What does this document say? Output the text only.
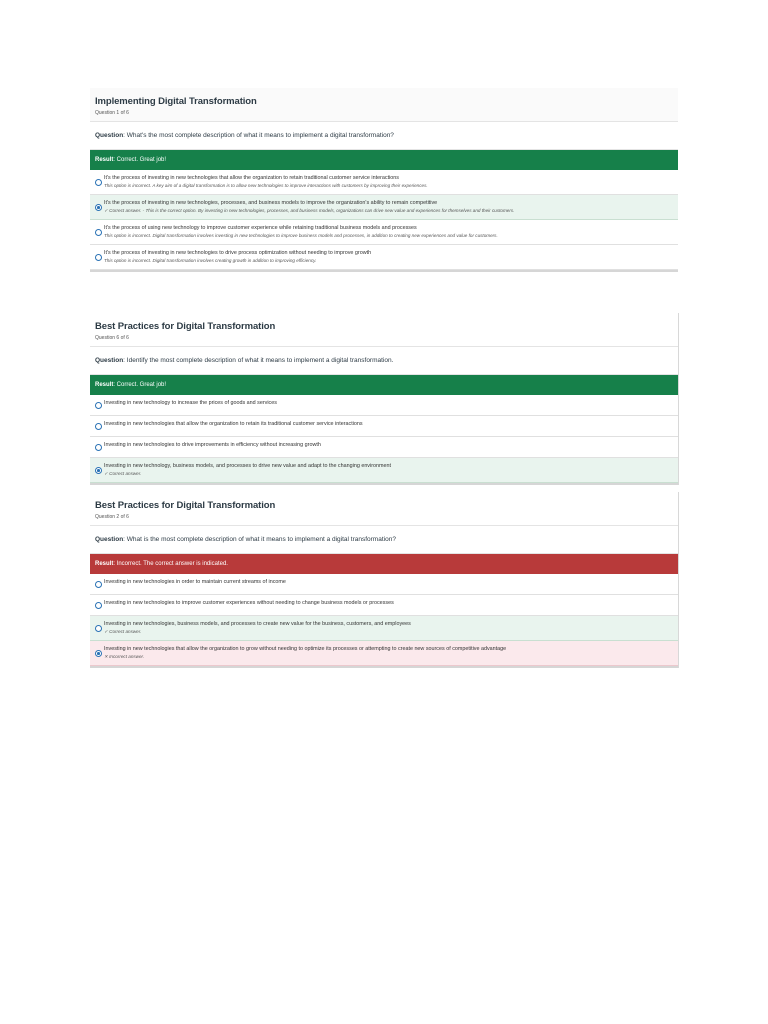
Implementing Digital Transformation
Question 1 of 6
Question: What's the most complete description of what it means to implement a digital transformation?
Result: Correct. Great job!
It's the process of investing in new technologies that allow the organization to retain traditional customer service interactions
This option is incorrect. A key aim of a digital transformation is to allow new technologies to improve interactions with customers by improving their experiences.
It's the process of investing in new technologies, processes, and business models to improve the organization's ability to remain competitive
✓ Correct answer. - This is the correct option. By investing in new technologies, processes, and business models, organizations can drive new value and experiences for themselves and their customers.
It's the process of using new technology to improve customer experience while retaining traditional business models and processes
This option is incorrect. Digital transformation involves investing in new technologies to improve business models and processes, in addition to creating new experiences and value for customers.
It's the process of investing in new technologies to drive process optimization without needing to improve growth
This option is incorrect. Digital transformation involves creating growth in addition to improving efficiency.
Best Practices for Digital Transformation
Question 6 of 6
Question: Identify the most complete description of what it means to implement a digital transformation.
Result: Correct. Great job!
Investing in new technology to increase the prices of goods and services
Investing in new technologies that allow the organization to retain its traditional customer service interactions
Investing in new technologies to drive improvements in efficiency without increasing growth
Investing in new technology, business models, and processes to drive new value and adapt to the changing environment
✓ Correct answer.
Best Practices for Digital Transformation
Question 2 of 6
Question: What is the most complete description of what it means to implement a digital transformation?
Result: Incorrect. The correct answer is indicated.
Investing in new technologies in order to maintain current streams of income
Investing in new technologies to improve customer experiences without needing to change business models or processes
Investing in new technologies, business models, and processes to create new value for the business, customers, and employees
✓ Correct answer.
Investing in new technologies that allow the organization to grow without needing to optimize its processes or attempting to create new sources of competitive advantage
✕ Incorrect answer.
